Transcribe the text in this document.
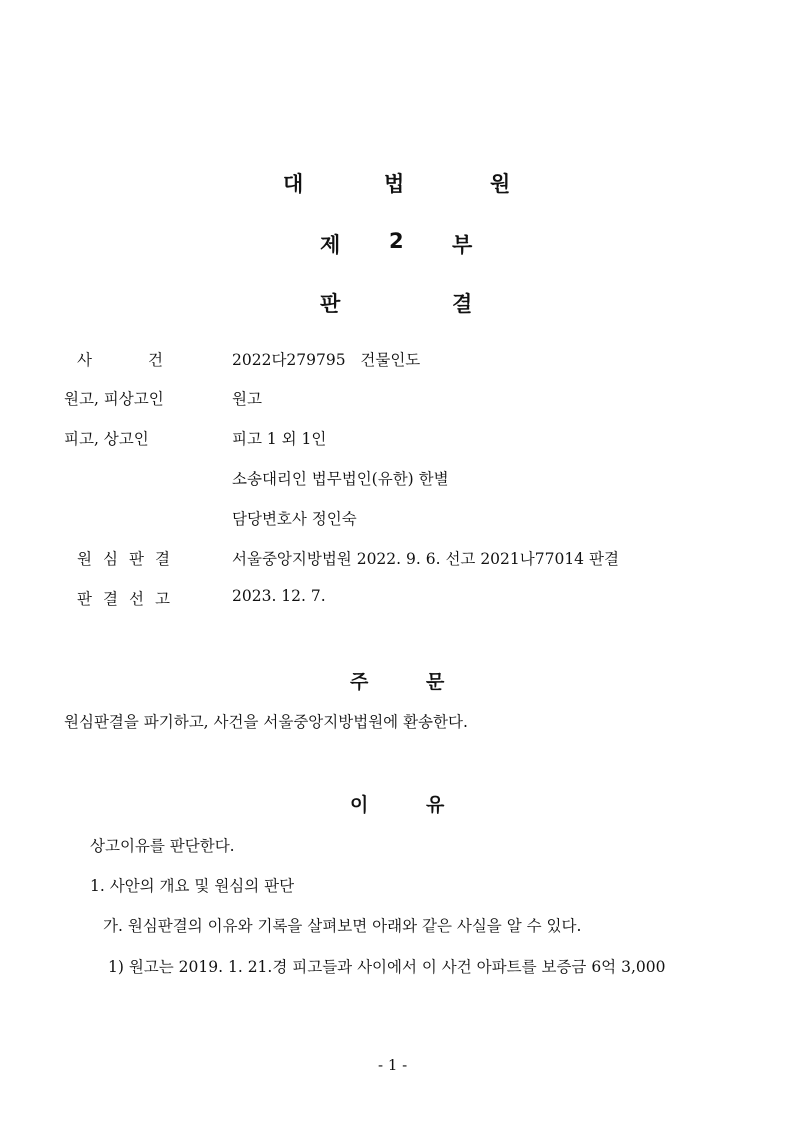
대	법	원
제 2 부
판	결
사	건	2022다279795   건물인도
원고, 피상고인	원고
피고, 상고인	피고 1 외 1인
소송대리인 법무법인(유한) 한별
담당변호사 정인숙
원 심 판 결	서울중앙지방법원 2022. 9. 6. 선고 2021나77014 판결
판 결 선 고	2023. 12. 7.
주	문
원심판결을 파기하고, 사건을 서울중앙지방법원에 환송한다.
이	유
상고이유를 판단한다.
1. 사안의 개요 및 원심의 판단
가. 원심판결의 이유와 기록을 살펴보면 아래와 같은 사실을 알 수 있다.
1) 원고는 2019. 1. 21.경 피고들과 사이에서 이 사건 아파트를 보증금 6억 3,000
- 1 -
